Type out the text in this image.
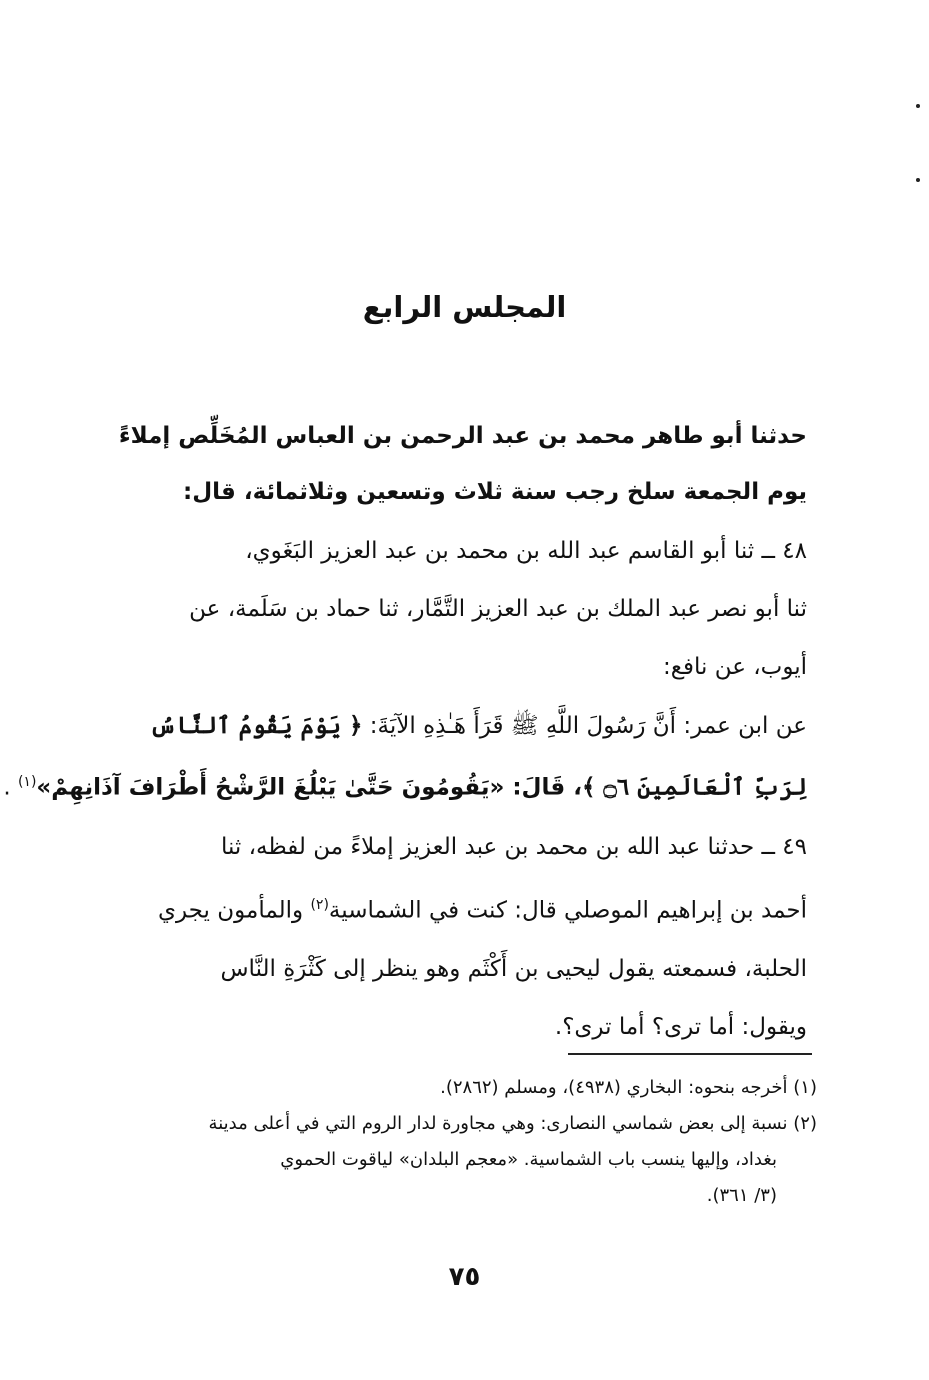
المجلس الرابع
حدثنا أبو طاهر محمد بن عبد الرحمن بن العباس المُخَلِّص إملاءً
يوم الجمعة سلخ رجب سنة ثلاث وتسعين وثلاثمائة، قال:
٤٨ ــ ثنا أبو القاسم عبد الله بن محمد بن عبد العزيز البَغَوي،
ثنا أبو نصر عبد الملك بن عبد العزيز التَّمَّار، ثنا حماد بن سَلَمة، عن
أيوب، عن نافع:
عن ابن عمر: أَنَّ رَسُولَ اللَّهِ ﷺ قَرَأَ هَـٰذِهِ الآيَةَ: ﴿ يَوْمَ يَقُومُ ٱلنَّاسُ
لِرَبِّ ٱلْعَالَمِينَ ۝٦ ﴾، قَالَ: «يَقُومُونَ حَتَّىٰ يَبْلُغَ الرَّشْحُ أَطْرَافَ آذَانِهِمْ»$^{(١)}$ .
٤٩ ــ حدثنا عبد الله بن محمد بن عبد العزيز إملاءً من لفظه، ثنا
أحمد بن إبراهيم الموصلي قال: كنت في الشماسية$^{(٢)}$ والمأمون يجري
الحلبة، فسمعته يقول ليحيى بن أَكْثَم وهو ينظر إلى كَثْرَةِ النَّاس
ويقول: أما ترى؟ أما ترى؟.
(١) أخرجه بنحوه: البخاري (٤٩٣٨)، ومسلم (٢٨٦٢).
(٢) نسبة إلى بعض شماسي النصارى: وهي مجاورة لدار الروم التي في أعلى مدينة
بغداد، وإليها ينسب باب الشماسية. «معجم البلدان» لياقوت الحموي
(٣/ ٣٦١).
٧٥
